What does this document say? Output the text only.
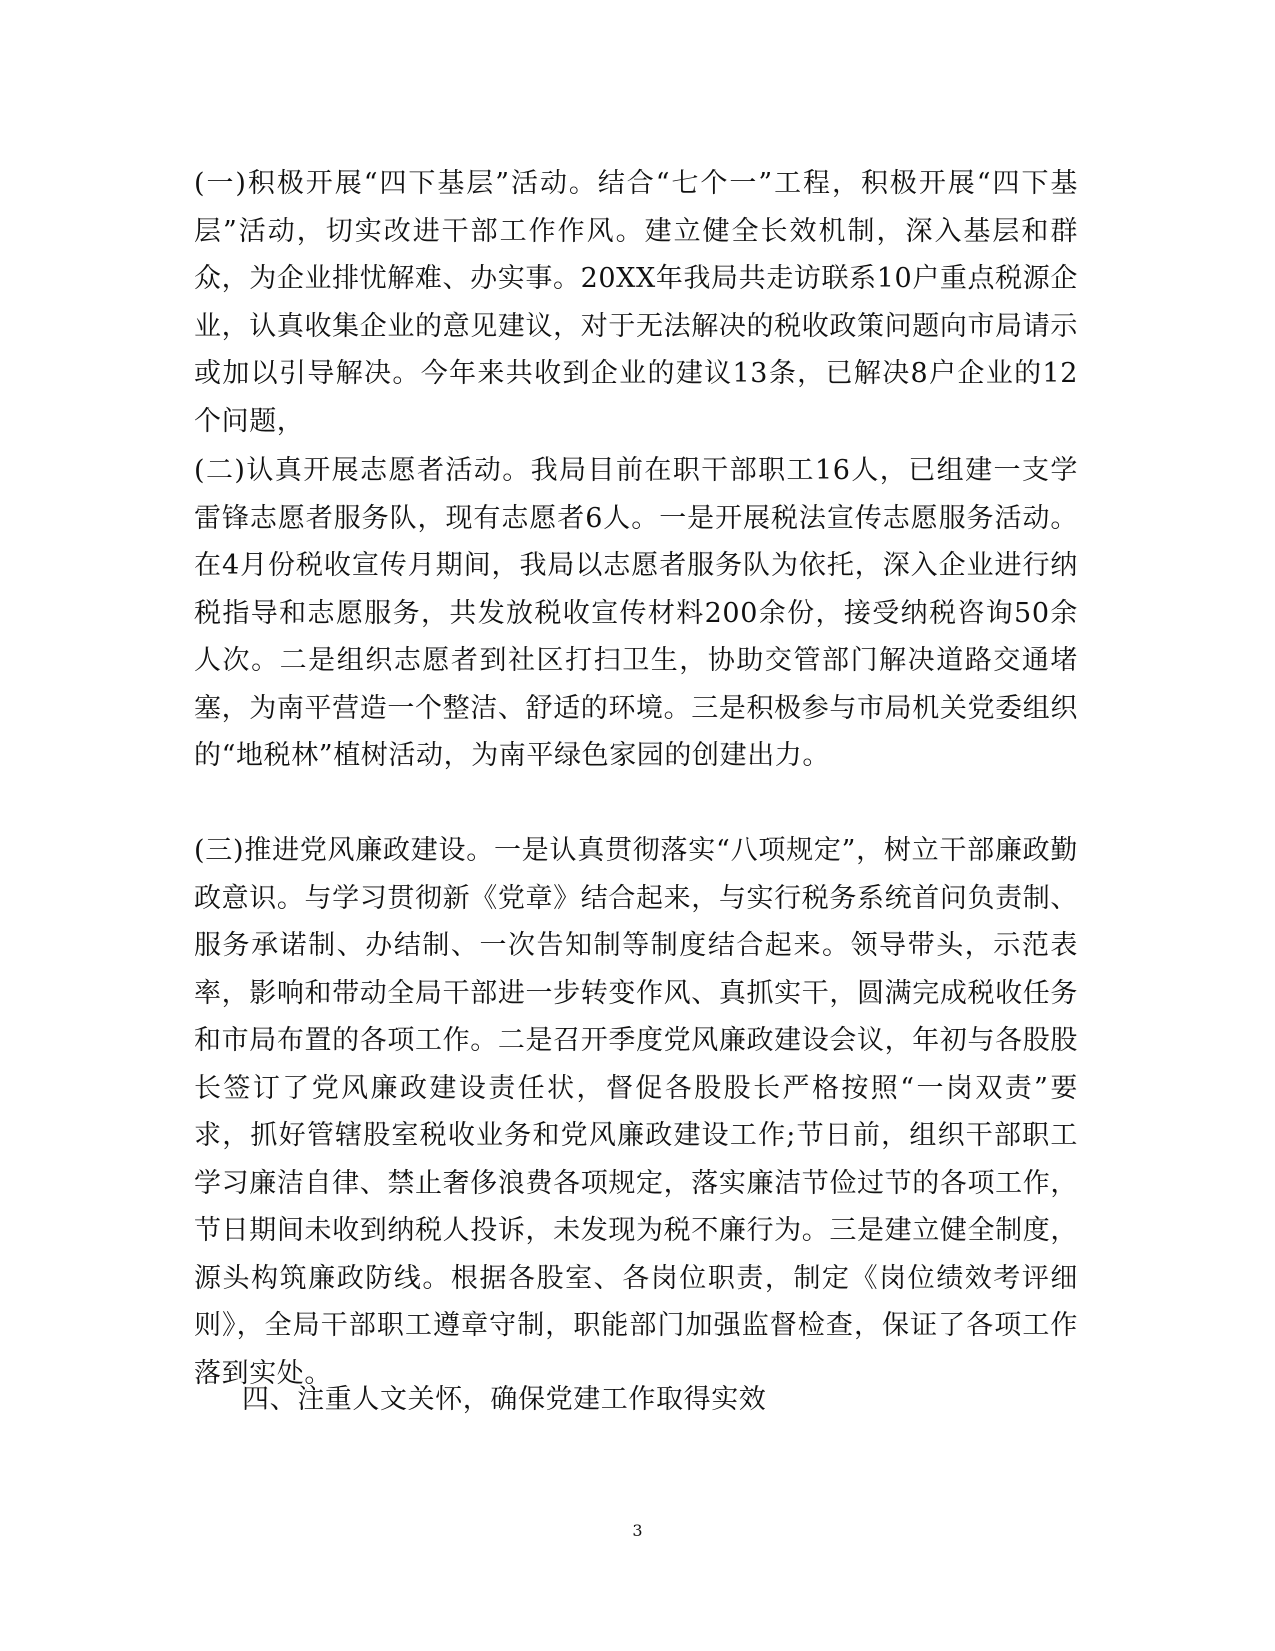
(一)积极开展“四下基层”活动。结合“七个一”工程，积极开展“四下基层”活动，切实改进干部工作作风。建立健全长效机制，深入基层和群众，为企业排忧解难、办实事。20XX年我局共走访联系10户重点税源企业，认真收集企业的意见建议，对于无法解决的税收政策问题向市局请示或加以引导解决。今年来共收到企业的建议13条，已解决8户企业的12个问题，

(二)认真开展志愿者活动。我局目前在职干部职工16人，已组建一支学雷锋志愿者服务队，现有志愿者6人。一是开展税法宣传志愿服务活动。在4月份税收宣传月期间，我局以志愿者服务队为依托，深入企业进行纳税指导和志愿服务，共发放税收宣传材料200余份，接受纳税咨询50余人次。二是组织志愿者到社区打扫卫生，协助交管部门解决道路交通堵塞，为南平营造一个整洁、舒适的环境。三是积极参与市局机关党委组织的“地税林”植树活动，为南平绿色家园的创建出力。

(三)推进党风廉政建设。一是认真贯彻落实“八项规定”，树立干部廉政勤政意识。与学习贯彻新《党章》结合起来，与实行税务系统首问负责制、服务承诺制、办结制、一次告知制等制度结合起来。领导带头，示范表率，影响和带动全局干部进一步转变作风、真抓实干，圆满完成税收任务和市局布置的各项工作。二是召开季度党风廉政建设会议，年初与各股股长签订了党风廉政建设责任状，督促各股股长严格按照“一岗双责”要求，抓好管辖股室税收业务和党风廉政建设工作;节日前，组织干部职工学习廉洁自律、禁止奢侈浪费各项规定，落实廉洁节俭过节的各项工作，节日期间未收到纳税人投诉，未发现为税不廉行为。三是建立健全制度，源头构筑廉政防线。根据各股室、各岗位职责，制定《岗位绩效考评细则》，全局干部职工遵章守制，职能部门加强监督检查，保证了各项工作落到实处。

四、注重人文关怀，确保党建工作取得实效

3
